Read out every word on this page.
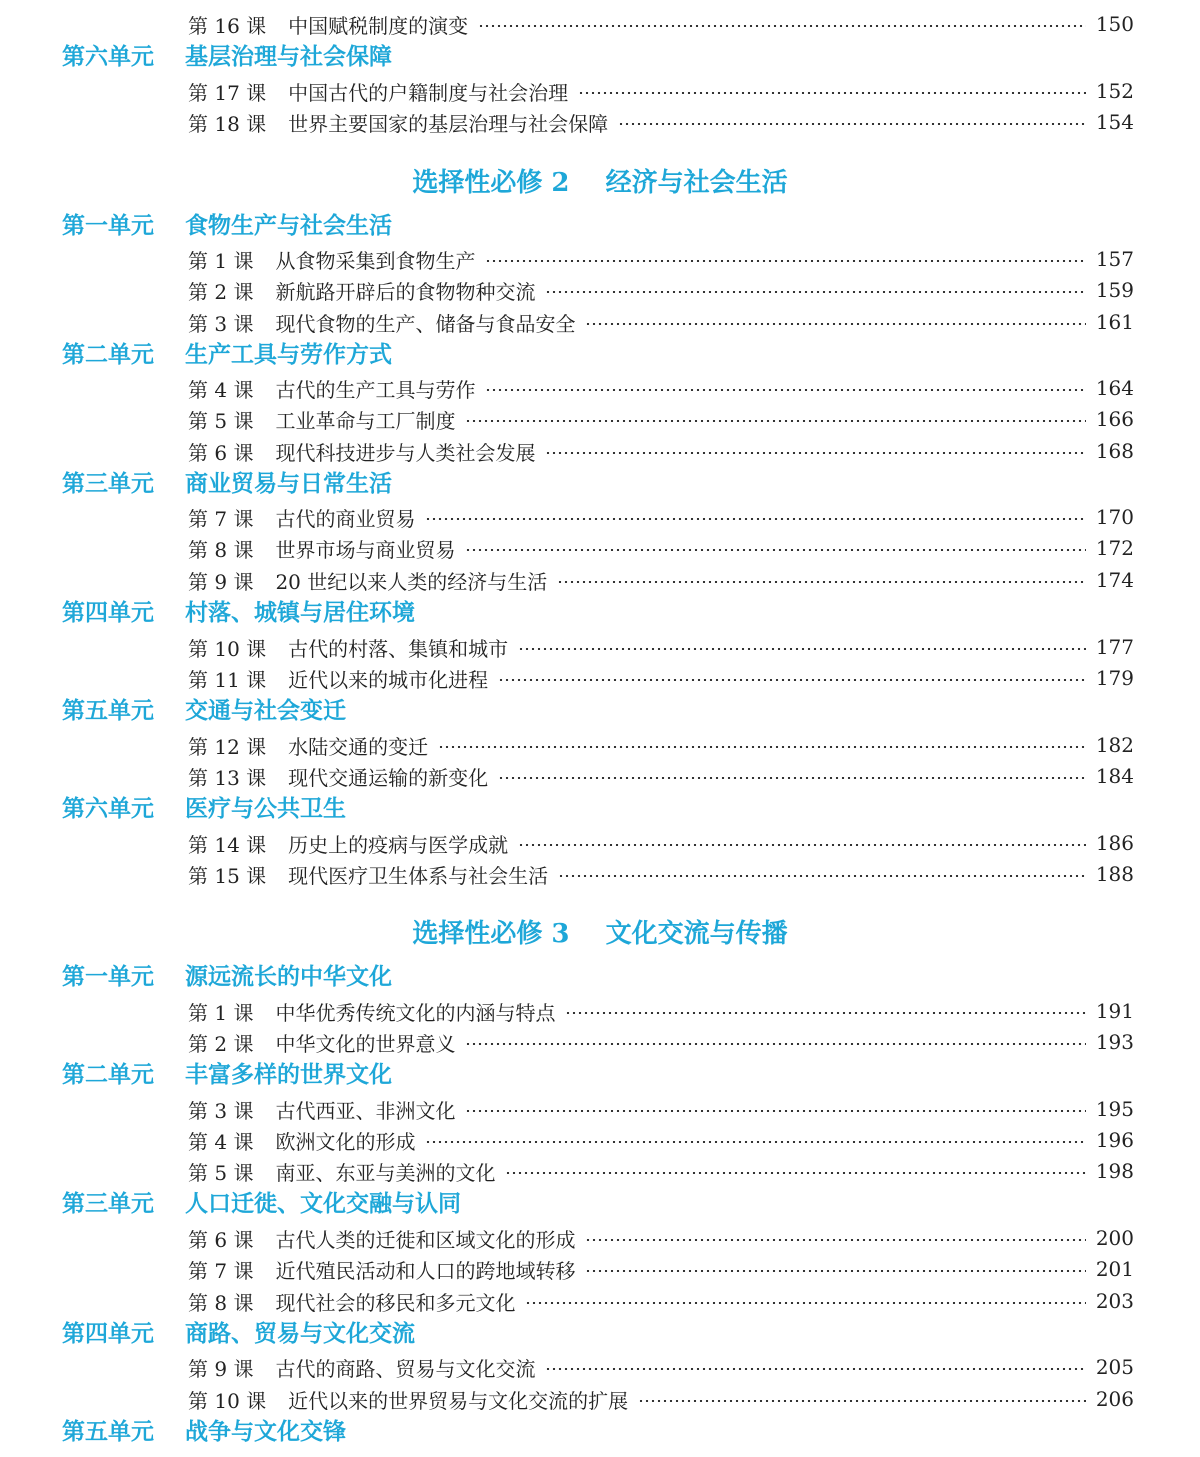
第 16 课 中国赋税制度的演变	150
第六单元 基层治理与社会保障
第 17 课 中国古代的户籍制度与社会治理	152
第 18 课 世界主要国家的基层治理与社会保障	154
选择性必修 2    经济与社会生活
第一单元 食物生产与社会生活
第 1 课 从食物采集到食物生产	157
第 2 课 新航路开辟后的食物物种交流	159
第 3 课 现代食物的生产、储备与食品安全	161
第二单元 生产工具与劳作方式
第 4 课 古代的生产工具与劳作	164
第 5 课 工业革命与工厂制度	166
第 6 课 现代科技进步与人类社会发展	168
第三单元 商业贸易与日常生活
第 7 课 古代的商业贸易	170
第 8 课 世界市场与商业贸易	172
第 9 课 20 世纪以来人类的经济与生活	174
第四单元 村落、城镇与居住环境
第 10 课 古代的村落、集镇和城市	177
第 11 课 近代以来的城市化进程	179
第五单元 交通与社会变迁
第 12 课 水陆交通的变迁	182
第 13 课 现代交通运输的新变化	184
第六单元 医疗与公共卫生
第 14 课 历史上的疫病与医学成就	186
第 15 课 现代医疗卫生体系与社会生活	188
选择性必修 3    文化交流与传播
第一单元 源远流长的中华文化
第 1 课 中华优秀传统文化的内涵与特点	191
第 2 课 中华文化的世界意义	193
第二单元 丰富多样的世界文化
第 3 课 古代西亚、非洲文化	195
第 4 课 欧洲文化的形成	196
第 5 课 南亚、东亚与美洲的文化	198
第三单元 人口迁徙、文化交融与认同
第 6 课 古代人类的迁徙和区域文化的形成	200
第 7 课 近代殖民活动和人口的跨地域转移	201
第 8 课 现代社会的移民和多元文化	203
第四单元 商路、贸易与文化交流
第 9 课 古代的商路、贸易与文化交流	205
第 10 课 近代以来的世界贸易与文化交流的扩展	206
第五单元 战争与文化交锋
